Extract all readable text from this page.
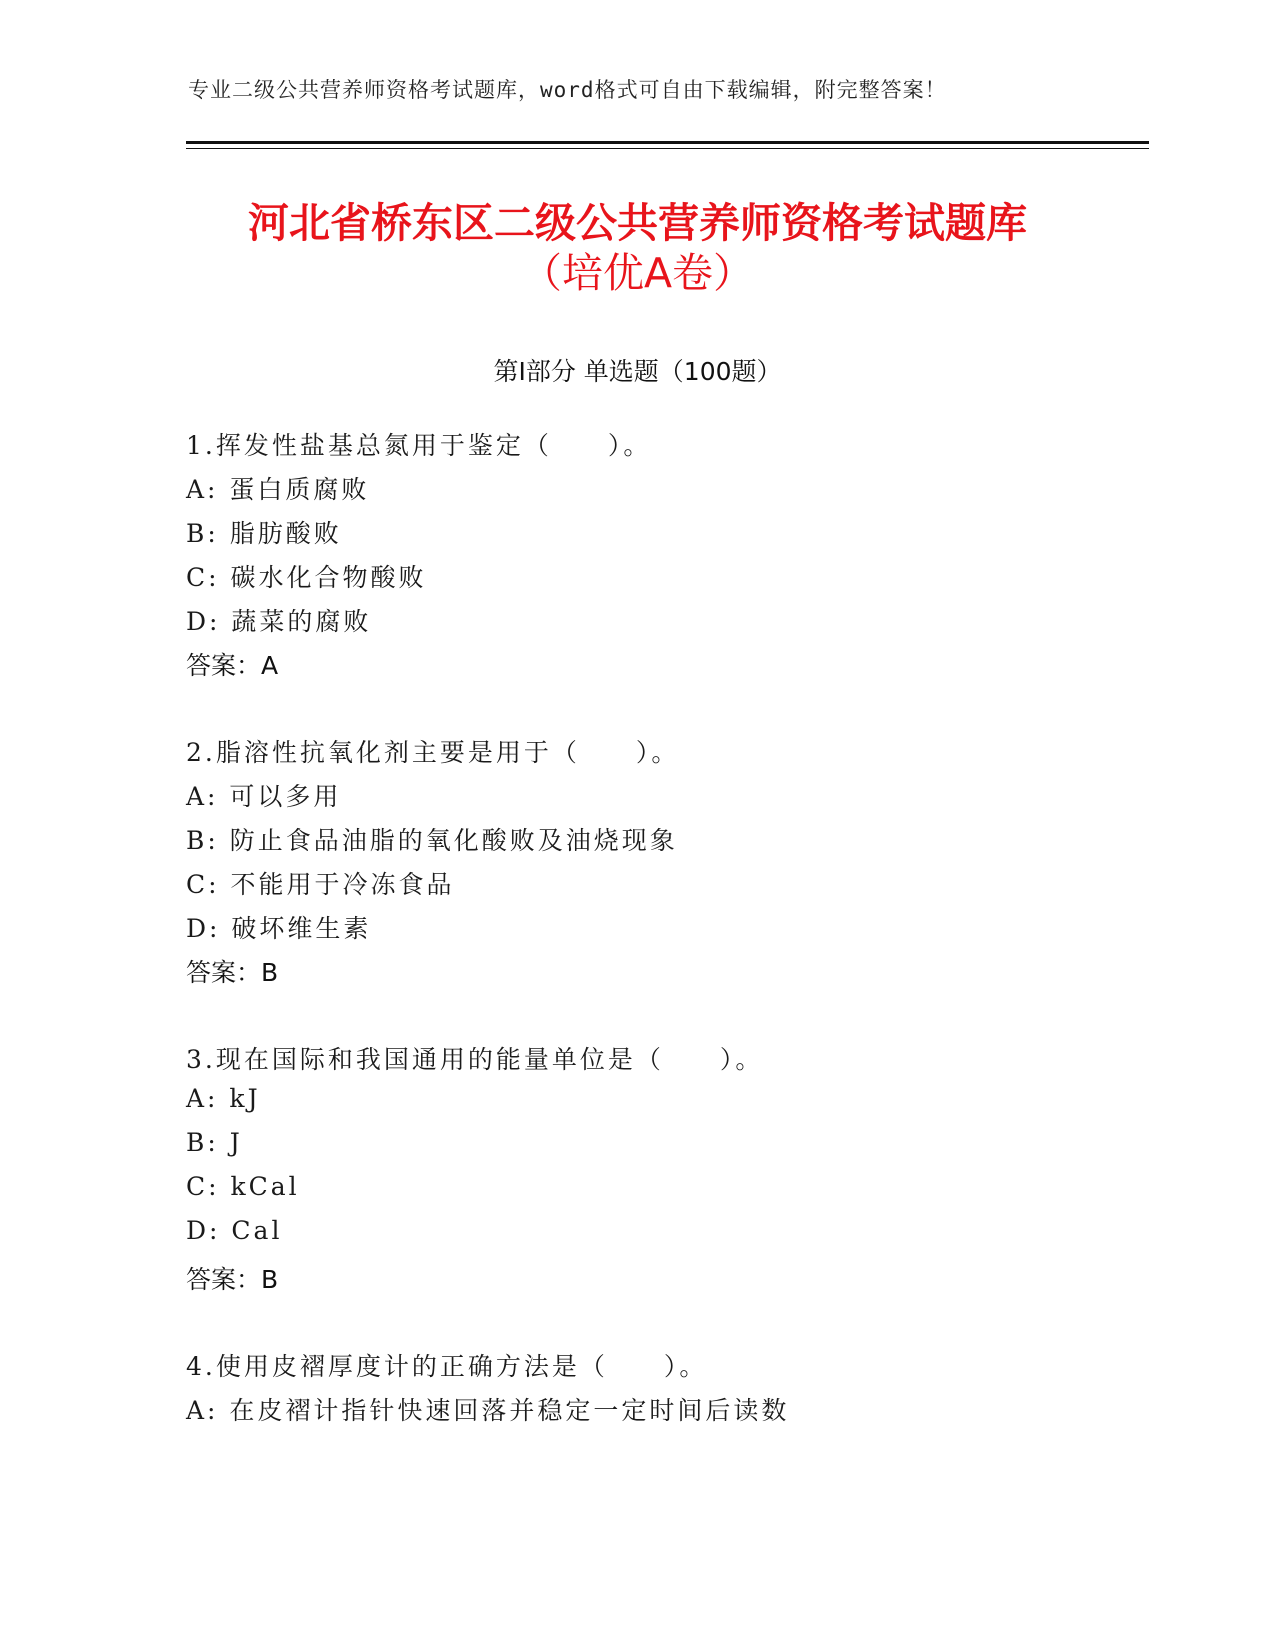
专业二级公共营养师资格考试题库，word格式可自由下载编辑，附完整答案！
河北省桥东区二级公共营养师资格考试题库
（培优A卷）
第I部分 单选题（100题）
1.挥发性盐基总氮用于鉴定（　　）。
A: 蛋白质腐败
B: 脂肪酸败
C: 碳水化合物酸败
D: 蔬菜的腐败
答案：A
2.脂溶性抗氧化剂主要是用于（　　）。
A: 可以多用
B: 防止食品油脂的氧化酸败及油烧现象
C: 不能用于冷冻食品
D: 破坏维生素
答案：B
3.现在国际和我国通用的能量单位是（　　）。
A: kJ
B: J
C: kCal
D: Cal
答案：B
4.使用皮褶厚度计的正确方法是（　　）。
A: 在皮褶计指针快速回落并稳定一定时间后读数
